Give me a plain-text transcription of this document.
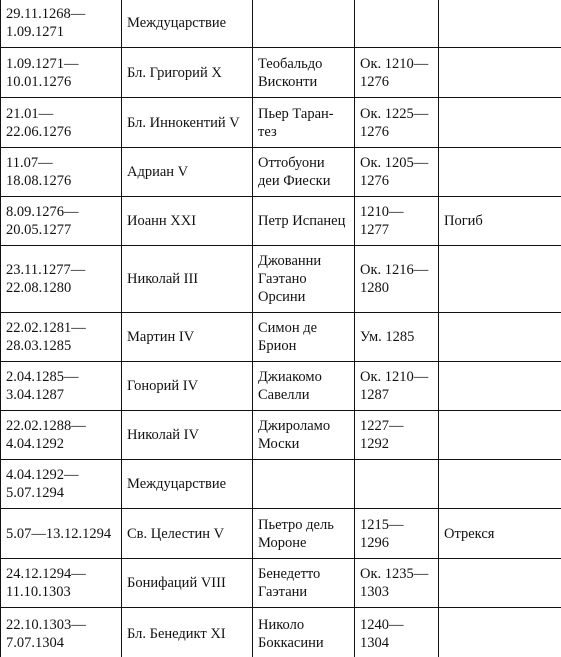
29.11.1268—
1.09.1271	Междуцарствие			

1.09.1271—
10.01.1276	Бл. Григорий X	Теобальдо
Висконти	Ок. 1210—
1276	

21.01—
22.06.1276	Бл. Иннокентий V	Пьер Таран-
тез	Ок. 1225—
1276	

11.07—
18.08.1276	Адриан V	Оттобуони
деи Фиески	Ок. 1205—
1276	

8.09.1276—
20.05.1277	Иоанн XXI	Петр Испанец	1210—
1277	Погиб

23.11.1277—
22.08.1280	Николай III	Джованни
Гаэтано
Орсини	Ок. 1216—
1280	

22.02.1281—
28.03.1285	Мартин IV	Симон де
Брион	Ум. 1285	

2.04.1285—
3.04.1287	Гонорий IV	Джиакомо
Савелли	Ок. 1210—
1287	

22.02.1288—
4.04.1292	Николай IV	Джироламо
Моски	1227—
1292	

4.04.1292—
5.07.1294	Междуцарствие			

5.07—13.12.1294	Св. Целестин V	Пьетро дель
Мороне	1215—
1296	Отрекся

24.12.1294—
11.10.1303	Бонифаций VIII	Бенедетто
Гаэтани	Ок. 1235—
1303	

22.10.1303—
7.07.1304	Бл. Бенедикт XI	Николо
Боккасини	1240—
1304	
